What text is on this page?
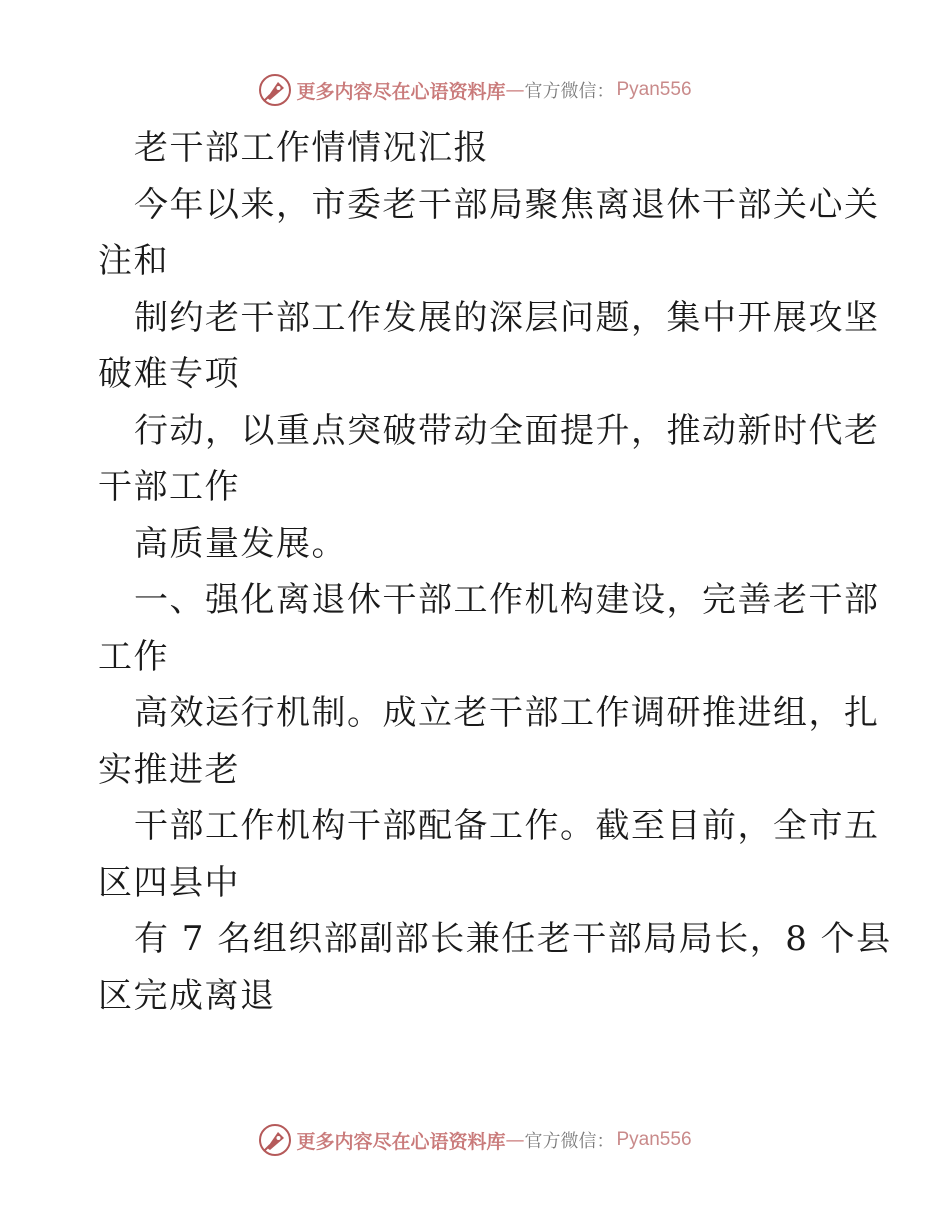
更多内容尽在心语资料库 — 官方微信： Pyan556
老干部工作情情况汇报
今年以来，市委老干部局聚焦离退休干部关心关
注和
制约老干部工作发展的深层问题，集中开展攻坚
破难专项
行动，以重点突破带动全面提升，推动新时代老
干部工作
高质量发展。
一、强化离退休干部工作机构建设，完善老干部
工作
高效运行机制。成立老干部工作调研推进组，扎
实推进老
干部工作机构干部配备工作。截至目前，全市五
区四县中
有 7 名组织部副部长兼任老干部局局长，8 个县
区完成离退
更多内容尽在心语资料库 — 官方微信： Pyan556
